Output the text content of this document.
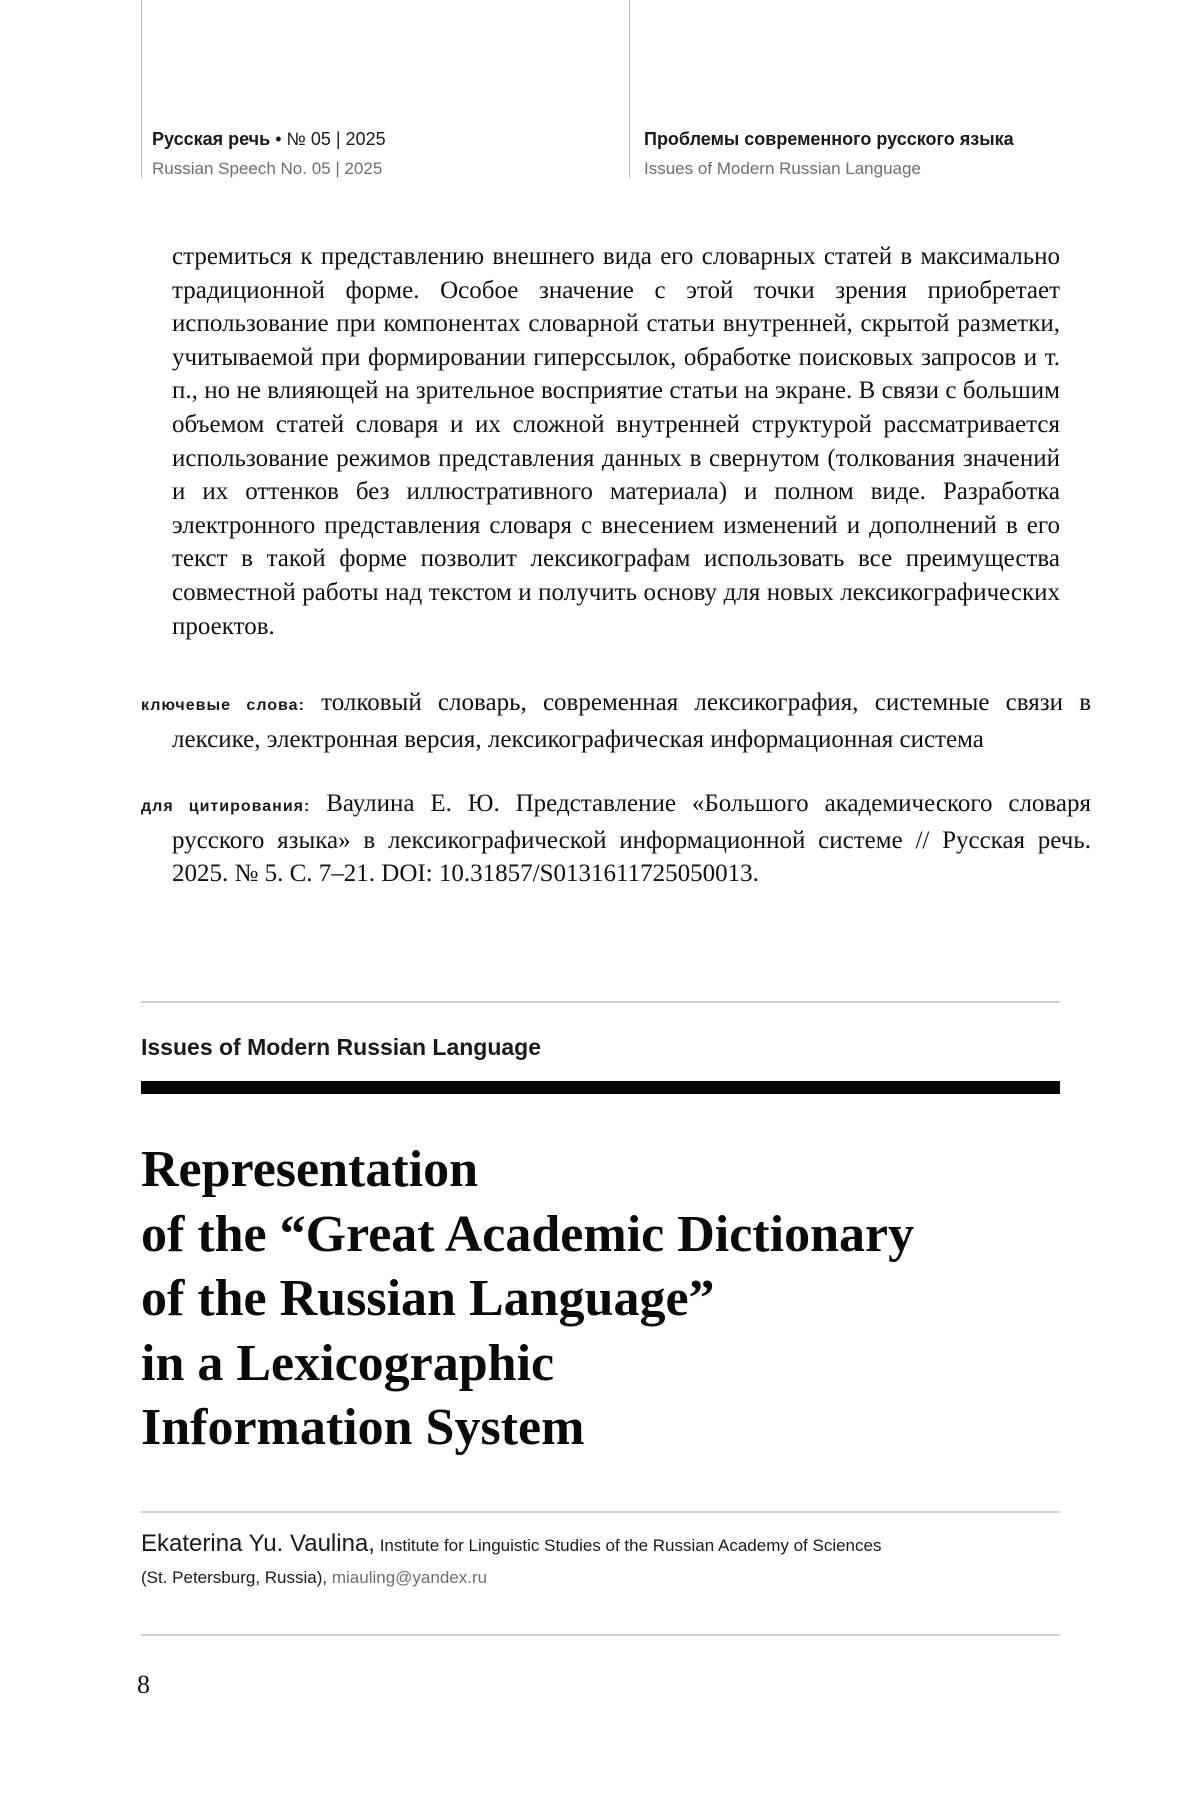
Русская речь • № 05 | 2025
Russian Speech No. 05 | 2025
Проблемы современного русского языка
Issues of Modern Russian Language
стремиться к представлению внешнего вида его словарных статей в максимально традиционной форме. Особое значение с этой точки зрения приобретает использование при компонентах словарной статьи внутренней, скрытой разметки, учитываемой при формировании гиперссылок, обработке поисковых запросов и т. п., но не влияющей на зрительное восприятие статьи на экране. В связи с большим объемом статей словаря и их сложной внутренней структурой рассматривается использование режимов представления данных в свернутом (толкования значений и их оттенков без иллюстративного материала) и полном виде. Разработка электронного представления словаря с внесением изменений и дополнений в его текст в такой форме позволит лексикографам использовать все преимущества совместной работы над текстом и получить основу для новых лексикографических проектов.
ключевые слова: толковый словарь, современная лексикография, системные связи в лексике, электронная версия, лексикографическая информационная система
для цитирования: Ваулина Е. Ю. Представление «Большого академического словаря русского языка» в лексикографической информационной системе // Русская речь. 2025. № 5. С. 7–21. DOI: 10.31857/S0131611725050013.
Issues of Modern Russian Language
Representation
of the “Great Academic Dictionary
of the Russian Language”
in a Lexicographic
Information System
Ekaterina Yu. Vaulina, Institute for Linguistic Studies of the Russian Academy of Sciences
(St. Petersburg, Russia), miauling@yandex.ru
8
